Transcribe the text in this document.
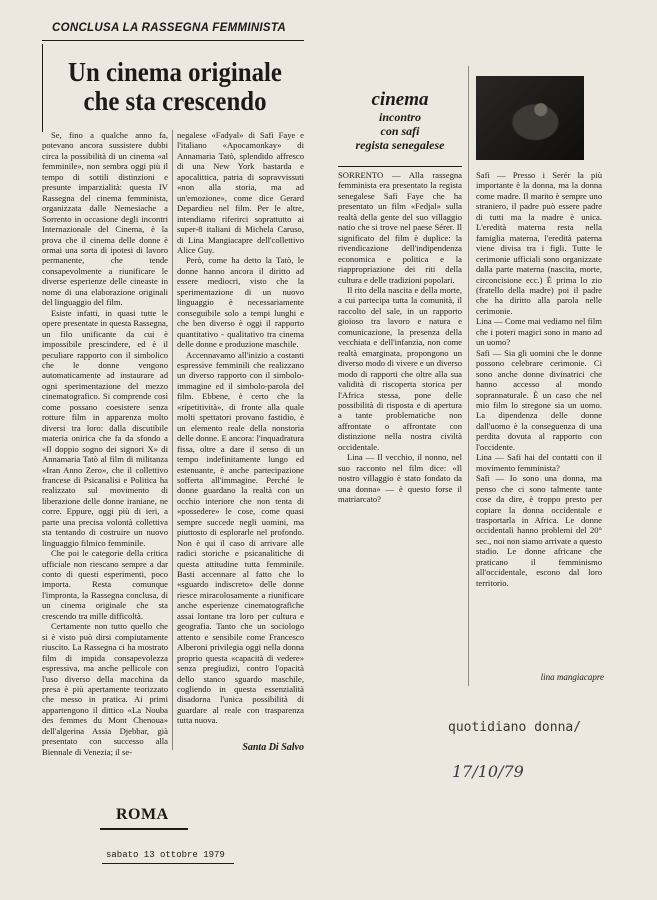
CONCLUSA LA RASSEGNA FEMMINISTA
Un cinema originale che sta crescendo

Se, fino a qualche anno fa, potevano ancora sussistere dubbi circa la possibilità di un cinema «al femminile», non sembra oggi più il tempo di sottili distinzioni e presunte imparzialità: questa IV Rassegna del cinema femminista, organizzata dalle Nemesiache a Sorrento in occasione degli incontri Internazionale del Cinema, è la prova che il cinema delle donne è ormai una sorta di ipotesi di lavoro permanente, che tende consapevolmente a riunificare le diverse esperienze delle cineaste in nome di una elaborazione originali del linguaggio del film.

Esiste infatti, in quasi tutte le opere presentate in questa Rassegna, un filo unificante da cui è impossibile prescindere, ed è il peculiare rapporto con il simbolico che le donne vengono automaticamente ad instaurare ad ogni sperimentazione del mezzo cinematografico. Si comprende così come possano coesistere senza rotture film in apparenza molto diversi tra loro: dalla discutibile materia onirica che fa da sfondo a «Il doppio sogno dei signori X» di Annamaria Tatò al film di militanza «Iran Anno Zero», che il collettivo francese di Psicanalisi e Politica ha realizzato sul movimento di liberazione delle donne iraniane, ne corre. Eppure, oggi più di ieri, a parte una precisa volontà collettiva sta tentando di costruire un nuovo linguaggio filmico femminile.

Che poi le categorie della critica ufficiale non riescano sempre a dar conto di questi esperimenti, poco importa. Resta comunque l'impronta, la Rassegna conclusa, di un cinema originale che sta crescendo tra mille difficoltà.

Certamente non tutto quello che si è visto può dirsi compiutamente riuscito. La Rassegna ci ha mostrato film di impida consapevolezza espressiva, ma anche pellicole con l'uso diverso della macchina da presa è più apertamente teorizzato che messo in pratica. Ai primi appartengono il dittico «La Nouba des femmes du Mont Chenoua» dell'algerina Assia Djebbar, già presentato con successo alla Biennale di Venezia; il se-

negalese «Fadyal» di Safi Faye e l'italiano «Apocamonkay» di Annamaria Tatò, splendido affresco di una New York bastarda e apocalittica, patria di sopravvissuti «non alla storia, ma ad un'emozione», come dice Gerard Depardieu nel film. Per le altre, intendiamo riferirci soprattutto ai super-8 italiani di Michela Caruso, di Lina Mangiacapre dell'collettivo Alice Guy.

Però, come ha detto la Tatò, le donne hanno ancora il diritto ad essere mediocri, visto che la sperimentazione di un nuovo linguaggio è necessariamente conseguibile solo a tempi lunghi e che ben diverso è oggi il rapporto quantitativo - qualitativo tra cinema delle donne e produzione maschile.

Accennavamo all'inizio a costanti espressive femminili che realizzano un diverso rapporto con il simbolo-immagine ed il simbolo-parola del film. Ebbene, è certo che la «ripetitività», di fronte alla quale molti spettatori provano fastidio, è un elemento reale della nonstoria delle donne. E ancora: l'inquadratura fissa, oltre a dare il senso di un tempo indefinitamente lungo ed estenuante, è anche partecipazione sofferta all'immagine. Perché le donne guardano la realtà con un occhio interiore che non tenta di «possedere» le cose, come quasi sempre succede negli uomini, ma piuttosto di esplorarle nel profondo. Non è qui il caso di arrivare alle radici storiche e psicanalitiche di questa attitudine tutta femminile. Basti accennare al fatto che lo «sguardo indiscreto» delle donne riesce miracolosamente a riunificare anche esperienze cinematografiche assai lontane tra loro per cultura e geografia. Tanto che un sociologo attento e sensibile come Francesco Alberoni privilegia oggi nella donna proprio questa «capacità di vedere» senza pregiudizi, contro l'opacità dello stanco sguardo maschile, cogliendo in questa essenzialità disadorna l'unica possibilità di guardare al reale con trasparenza tutta nuova.

Santa Di Salvo
ROMA
sabato 13 ottobre 1979
cinema
incontro
con safi
regista senegalese

SORRENTO — Alla rassegna femminista era presentato la regista senegalese Safi Faye che ha presentato un film «Fedjal» sulla realtà della gente del suo villaggio natio che si trove nel paese Sérer. Il significato del film è duplice: la rivendicazione dell'indipendenza economica e politica e la riappropriazione dei riti della cultura e delle tradizioni popolari.

Il rito della nascita e della morte, a cui partecipa tutta la comunità, il raccolto del sale, in un rapporto gioioso tra lavoro e natura e comunicazione, la presenza della vecchiata e dell'infanzia, non come realtà emarginata, propongono un diverso modo di vivere e un diverso modo di rapporti che oltre alla sua validità di riscoperta storica per l'Africa stessa, pone delle possibilità di risposta e di apertura a tante problematiche non affrontate o affrontate con distinzione nella nostra civiltà occidentale.

Lina — Il vecchio, il nonno, nel suo racconto nel film dice: «Il nostro villaggio è stato fondato da una donna» — è questo forse il matriarcato?

Safi — Presso i Serér la più importante è la donna, ma la donna come madre. Il marito è sempre uno straniero, il padre può essere padre di tutti ma la madre è unica. L'eredità materna resta nella famiglia materna, l'eredità paterna viene divisa tra i figli. Tutte le cerimonie ufficiali sono organizzate dalla parte materna (nascita, morte, circoncisione ecc.) È prima lo zio (fratello della madre) poi il padre che ha diritto alla parola nelle cerimonie.

Lina — Come mai vediamo nel film che i poteri magici sono in mano ad un uomo?

Safi — Sia gli uomini che le donne possono celebrare cerimonie. Ci sono anche donne divinatrici che hanno accesso al mondo soprannaturale. È un caso che nel mio film lo stregone sia un uomo. La dipendenza delle donne dall'uomo è la conseguenza di una perdita dovuta al rapporto con l'occidente.

Lina — Safi hai del contatti con il movimento femminista?

Safi — Io sono una donna, ma penso che ci sono talmente tante cose da dire, è troppo presto per copiare la donna occidentale e trasportarla in Africa. Le donne occidentali hanno problemi del 20° sec., noi non siamo arrivate a questo stadio. Le donne africane che praticano il femminismo all'occidentale, escono dal loro territorio.

lina mangiacapre
quotidiano donna/
17/10/79
